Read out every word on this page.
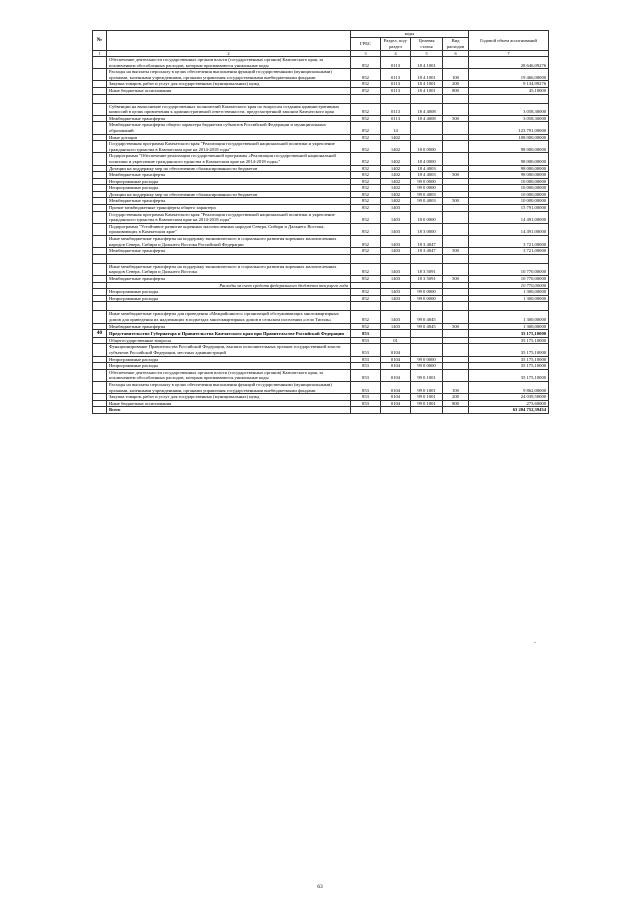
№		коды				Годовой объем ассигнований
		ГРБС	Раздел, под-раздел	Целевая статья	Вид расходов	
1	2	3	4	5	6	7
	Обеспечение деятельности государственных органов власти (государственных органов) Камчатского края, за исключением обособленных расходов, которым присваиваются уникальные коды	852	0113	18 4 1001		28 646,09276
	Расходы на выплаты персоналу в целях обеспечения выполнения функций государственными (муниципальными) органами, казенными учреждениями, органами управления государственными внебюджетными фондами	852	0113	18 4 1001	100	19 466,00000
	Закупка товаров, работ и услуг для государственных (муниципальных) нужд	852	0113	18 4 1001	200	9 134,99276
	Иные бюджетные ассигнования	852	0113	18 4 1001	800	45,10000

	Субвенции на выполнение государственных полномочий Камчатского края по вопросам создания административных комиссий в целях привлечения к административной ответственности, предусмотренной законом Камчатского края	852	0113	18 4 4008		3 058,30000
	Межбюджетные трансферты	852	0113	18 4 4008	500	3 058,30000
	Межбюджетные трансферты общего характера бюджетам субъектов Российской Федерации и муниципальных образований	852	14			123 791,00000
	Иные дотации	852	1402			108 000,00000
	Государственная программа Камчатского края "Реализация государственной национальной политики и укрепление гражданского единства в Камчатском крае на 2014-2018 годы"	852	1402	18 0 0000		98 000,00000
	Подпрограмма "Обеспечение реализации государственной программы «Реализация государственной национальной политики и укрепление гражданского единства в Камчатском крае на 2014-2018 годы»"	852	1402	18 4 0000		98 000,00000
	Дотации на поддержку мер по обеспечению сбалансированности бюджетов	852	1402	18 4 4003		98 000,00000
	Межбюджетные трансферты	852	1402	18 4 4003	500	98 000,00000
	Непрограммные расходы	852	1402	99 0 0000		10 000,00000
	Непрограммные расходы	852	1402	99 0 0000		10 000,00000
	Дотации на поддержку мер по обеспечению сбалансированности бюджетов	852	1402	99 0 4003		10 000,00000
	Межбюджетные трансферты	852	1402	99 0 4003	500	10 000,00000
	Прочие межбюджетные трансферты общего характера	852	1403			15 791,00000
	Государственная программа Камчатского края "Реализация государственной национальной политики и укрепление гражданского единства в Камчатском крае на 2014-2018 годы"	852	1403	18 0 0000		14 491,00000
	Подпрограмма "Устойчивое развитие коренных малочисленных народов Севера, Сибири и Дальнего Востока, проживающих в Камчатском крае"	852	1403	18 3 0000		14 491,00000
	Иные межбюджетные трансферты на поддержку экономического и социального развития коренных малочисленных народов Севера, Сибири и Дальнего Востока Российской Федерации	852	1403	18 3 4047		3 721,00000
	Межбюджетные трансферты	852	1403	18 3 4047	500	3 721,00000

	Иные межбюджетные трансферты на поддержку экономического и социального развития коренных малочисленных народов Севера, Сибири и Дальнего Востока	852	1403	18 3 5091		10 770,00000
	Межбюджетные трансферты	852	1403	18 3 5091	500	10 770,00000
	Расходы за счет средств федерального бюджета текущего года					10 770,00000
	Непрограммные расходы	852	1403	99 0 0000		1 300,00000
	Непрограммные расходы	852	1403	99 0 0000		1 300,00000

	Иные межбюджетные трансферты для проведения «Межрайонного» организаций обслуживающих многоквартирных домов для приведения их надлежащих в подъездах многоквартирных домов в сельском поселении «село Тигиль»	852	1403	99 0 4045		1 300,00000
	Межбюджетные трансферты	852	1403	99 0 4045	500	1 300,00000
40	Представительство Губернатора и Правительства Камчатского края при Правительстве Российской Федерации	853				35 175,10000
	Общегосударственные вопросы	853	01			35 175,10000
	Функционирование Правительства Российской Федерации, высших исполнительных органов государственной власти субъектов Российской Федерации, местных администраций	853	0104			35 175,10000
	Непрограммные расходы	853	0104	99 0 0000		35 175,10000
	Непрограммные расходы	853	0104	99 0 0000		35 175,10000
	Обеспечение деятельности государственных органов власти (государственных органов) Камчатского края, за исключением обособленных расходов, которым присваиваются уникальные коды	853	0104	99 0 1001		35 175,10000
	Расходы на выплаты персоналу в целях обеспечения выполнения функций государственными (муниципальными) органами, казенными учреждениями, органами управления государственными внебюджетными фондами	853	0104	99 0 1001	100	9 862,00000
	Закупка товаров, работ и услуг для государственных (муниципальных) нужд	853	0104	99 0 1001	200	24 039,50000
	Иные бюджетные ассигнования	853	0104	99 0 1001	800	273,60000
	Всего					63 204 752,39434
"
63
